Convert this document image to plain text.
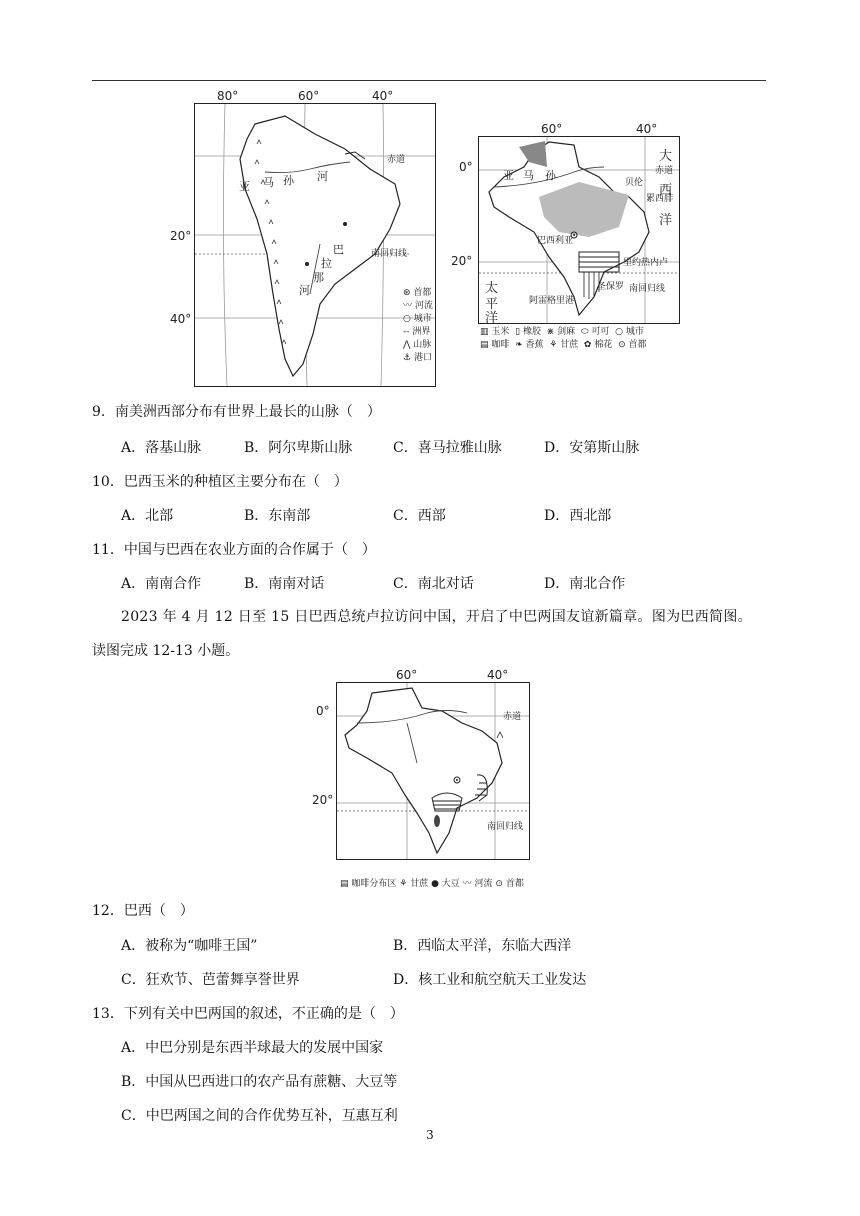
80°	60°	40°
20°
40°
赤道
南回归线
亚 马 孙 河
巴
拉
那
河	⊛ 首都
〰 河流
○ 城市
-- 洲界
⋀ 山脉
⚓ 港口
60°	40°
0°
20°
赤道
大
西
洋
太
平
洋
亚 马 孙
贝伦
累西腓
巴西利亚
里约热内卢
圣保罗
阿雷格里港
南回归线
▥ 玉米  ▯ 橡胶  ⋇ 剑麻  ⬭ 可可  ○ 城市
▤ 咖啡  ❧ 香蕉  ⚘ 甘蔗  ✿ 棉花  ⊙ 首都
9．南美洲西部分布有世界上最长的山脉（　）
A．落基山脉	B．阿尔卑斯山脉	C．喜马拉雅山脉	D．安第斯山脉
10．巴西玉米的种植区主要分布在（　）
A．北部	B．东南部	C．西部	D．西北部
11．中国与巴西在农业方面的合作属于（　）
A．南南合作	B．南南对话	C．南北对话	D．南北合作
2023 年 4 月 12 日至 15 日巴西总统卢拉访问中国，开启了中巴两国友谊新篇章。图为巴西简图。
读图完成 12-13 小题。
60°	40°
0°
20°
赤道
南回归线
▤ 咖啡分布区 ⚘ 甘蔗 ● 大豆 〰 河流 ⊙ 首都
12．巴西（　）
A．被称为“咖啡王国”	B．西临太平洋，东临大西洋
C．狂欢节、芭蕾舞享誉世界	D．核工业和航空航天工业发达
13．下列有关中巴两国的叙述，不正确的是（　）
A．中巴分别是东西半球最大的发展中国家
B．中国从巴西进口的农产品有蔗糖、大豆等
C．中巴两国之间的合作优势互补，互惠互利
3
